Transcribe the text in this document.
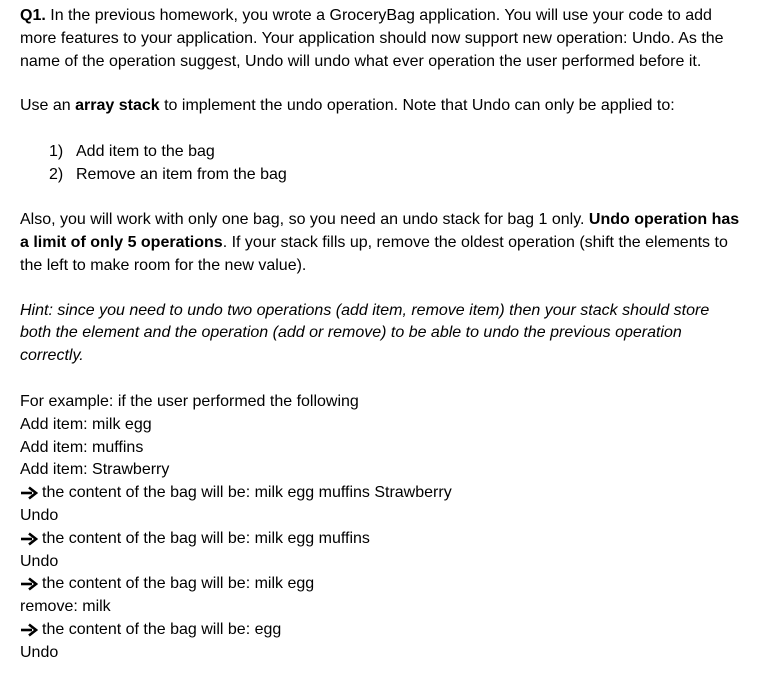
Q1. In the previous homework, you wrote a GroceryBag application. You will use your code to add more features to your application. Your application should now support new operation: Undo. As the name of the operation suggest, Undo will undo what ever operation the user performed before it.

Use an array stack to implement the undo operation. Note that Undo can only be applied to:

1) Add item to the bag
2) Remove an item from the bag

Also, you will work with only one bag, so you need an undo stack for bag 1 only. Undo operation has a limit of only 5 operations. If your stack fills up, remove the oldest operation (shift the elements to the left to make room for the new value).

Hint: since you need to undo two operations (add item, remove item) then your stack should store both the element and the operation (add or remove) to be able to undo the previous operation correctly.

For example: if the user performed the following
Add item: milk egg
Add item: muffins
Add item: Strawberry
the content of the bag will be: milk egg muffins Strawberry
Undo
the content of the bag will be: milk egg muffins
Undo
the content of the bag will be: milk egg
remove: milk
the content of the bag will be: egg
Undo
